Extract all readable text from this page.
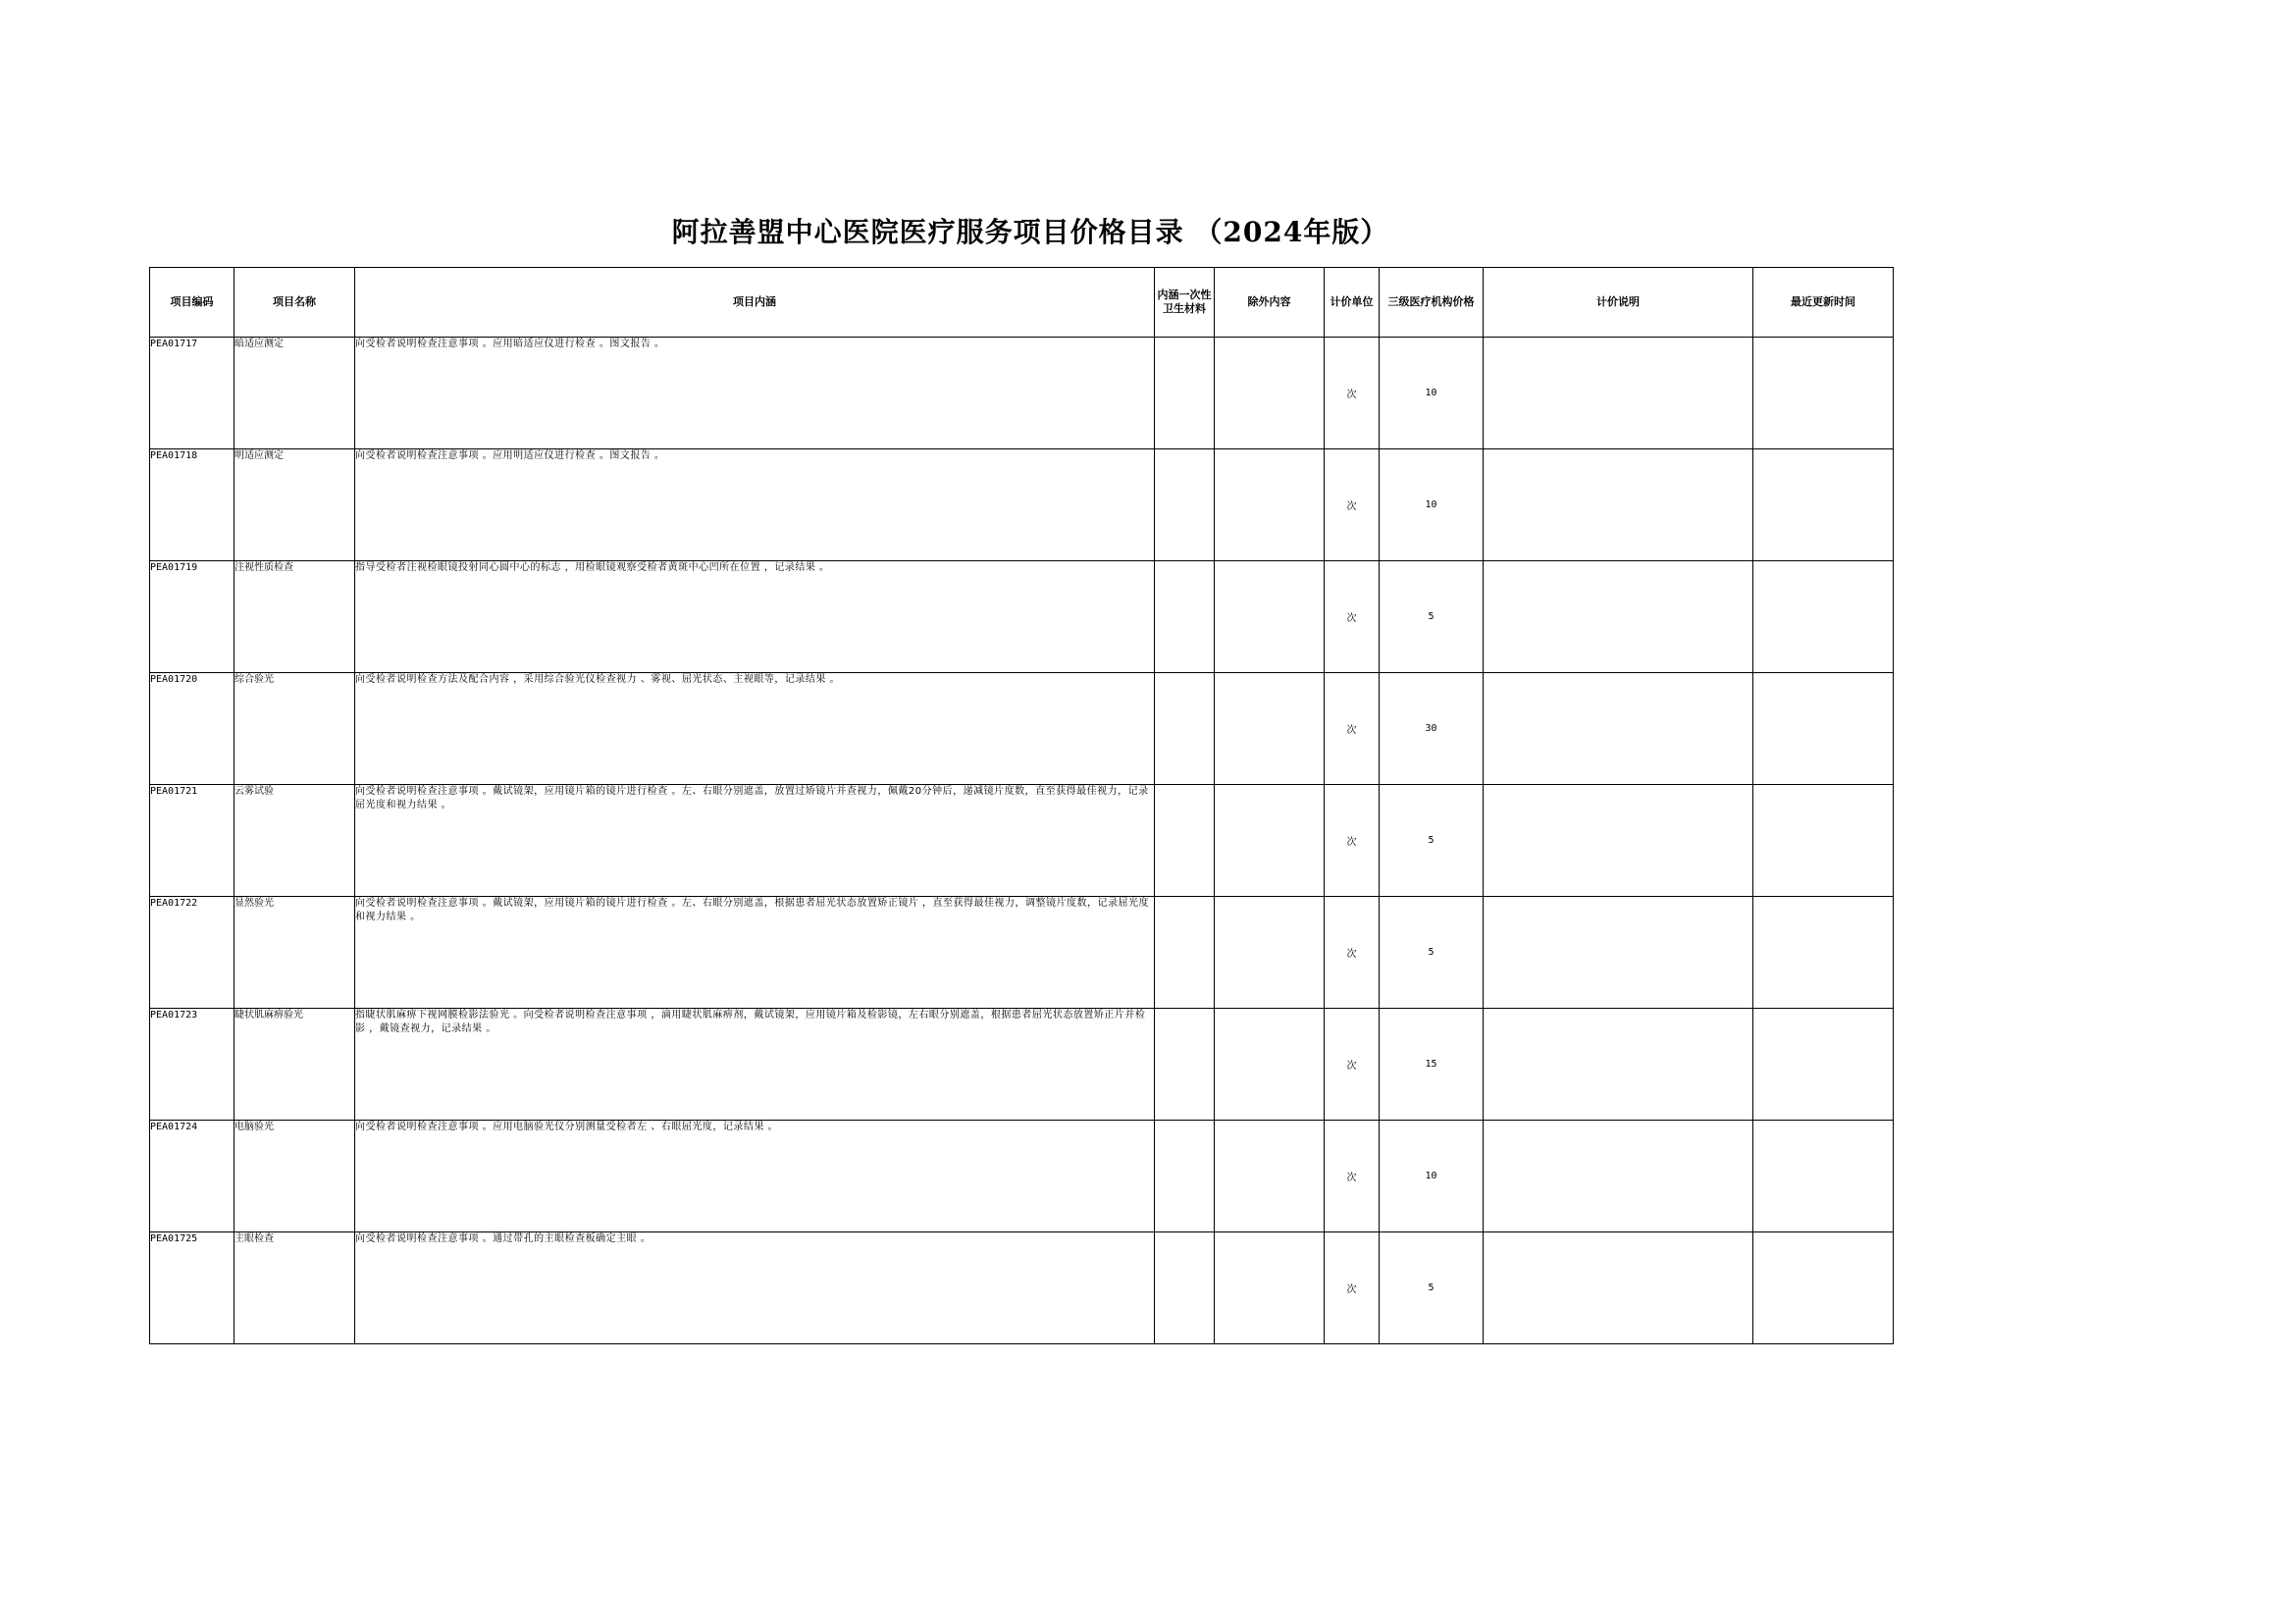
阿拉善盟中心医院医疗服务项目价格目录 （2024年版）
项目编码	项目名称	项目内涵	内涵一次性卫生材料	除外内容	计价单位	三级医疗机构价格	计价说明	最近更新时间
PEA01717	暗适应测定	向受检者说明检查注意事项 。应用暗适应仪进行检查 。图文报告 。			次	10		
PEA01718	明适应测定	向受检者说明检查注意事项 。应用明适应仪进行检查 。图文报告 。			次	10		
PEA01719	注视性质检查	指导受检者注视检眼镜投射同心圆中心的标志 ，用检眼镜观察受检者黄斑中心凹所在位置 ，记录结果 。			次	5		
PEA01720	综合验光	向受检者说明检查方法及配合内容 ，采用综合验光仪检查视力 、雾视、屈光状态、主视眼等，记录结果 。			次	30		
PEA01721	云雾试验	向受检者说明检查注意事项 。戴试镜架，应用镜片箱的镜片进行检查 。左、右眼分别遮盖，放置过矫镜片并查视力，佩戴20分钟后，递减镜片度数，直至获得最佳视力，记录屈光度和视力结果 。			次	5		
PEA01722	显然验光	向受检者说明检查注意事项 。戴试镜架，应用镜片箱的镜片进行检查 。左、右眼分别遮盖，根据患者屈光状态放置矫正镜片 ，直至获得最佳视力，调整镜片度数，记录屈光度和视力结果 。			次	5		
PEA01723	睫状肌麻痹验光	指睫状肌麻痹下视网膜检影法验光 。向受检者说明检查注意事项 ，滴用睫状肌麻痹剂，戴试镜架，应用镜片箱及检影镜，左右眼分别遮盖，根据患者屈光状态放置矫正片并检影 ，戴镜查视力，记录结果 。			次	15		
PEA01724	电脑验光	向受检者说明检查注意事项 。应用电脑验光仪分别测量受检者左 、右眼屈光度，记录结果 。			次	10		
PEA01725	主眼检查	向受检者说明检查注意事项 。通过带孔的主眼检查板确定主眼 。			次	5		
